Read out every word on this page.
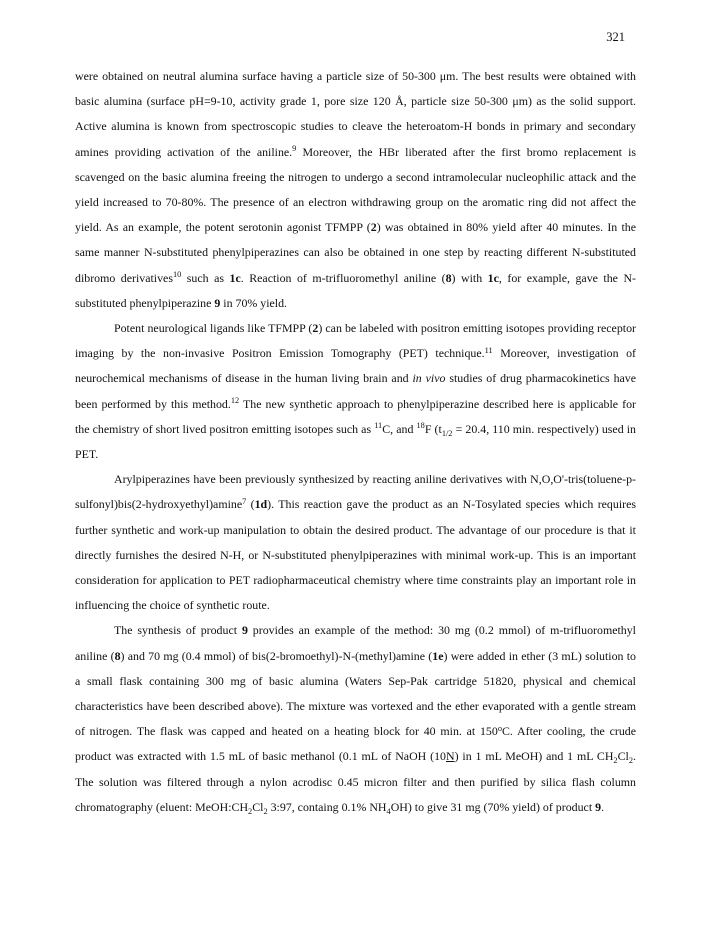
321

were obtained on neutral alumina surface having a particle size of 50-300 μm. The best results were obtained with basic alumina (surface pH=9-10, activity grade 1, pore size 120 Å, particle size 50-300 μm) as the solid support. Active alumina is known from spectroscopic studies to cleave the heteroatom-H bonds in primary and secondary amines providing activation of the aniline.$^9$ Moreover, the HBr liberated after the first bromo replacement is scavenged on the basic alumina freeing the nitrogen to undergo a second intramolecular nucleophilic attack and the yield increased to 70-80%. The presence of an electron withdrawing group on the aromatic ring did not affect the yield. As an example, the potent serotonin agonist TFMPP (2) was obtained in 80% yield after 40 minutes. In the same manner N-substituted phenylpiperazines can also be obtained in one step by reacting different N-substituted dibromo derivatives$^{10}$ such as 1c. Reaction of m-trifluoromethyl aniline (8) with 1c, for example, gave the N-substituted phenylpiperazine 9 in 70% yield.

Potent neurological ligands like TFMPP (2) can be labeled with positron emitting isotopes providing receptor imaging by the non-invasive Positron Emission Tomography (PET) technique.$^{11}$ Moreover, investigation of neurochemical mechanisms of disease in the human living brain and in vivo studies of drug pharmacokinetics have been performed by this method.$^{12}$ The new synthetic approach to phenylpiperazine described here is applicable for the chemistry of short lived positron emitting isotopes such as $^{11}$C, and $^{18}$F ($t_{1/2} = 20.4$, 110 min. respectively) used in PET.

Arylpiperazines have been previously synthesized by reacting aniline derivatives with N,O,O'-tris(toluene-p-sulfonyl)bis(2-hydroxyethyl)amine$^7$ (1d). This reaction gave the product as an N-Tosylated species which requires further synthetic and work-up manipulation to obtain the desired product. The advantage of our procedure is that it directly furnishes the desired N-H, or N-substituted phenylpiperazines with minimal work-up. This is an important consideration for application to PET radiopharmaceutical chemistry where time constraints play an important role in influencing the choice of synthetic route.

The synthesis of product 9 provides an example of the method: 30 mg (0.2 mmol) of m-trifluoromethyl aniline (8) and 70 mg (0.4 mmol) of bis(2-bromoethyl)-N-(methyl)amine (1e) were added in ether (3 mL) solution to a small flask containing 300 mg of basic alumina (Waters Sep-Pak cartridge 51820, physical and chemical characteristics have been described above). The mixture was vortexed and the ether evaporated with a gentle stream of nitrogen. The flask was capped and heated on a heating block for 40 min. at 150$^o$C. After cooling, the crude product was extracted with 1.5 mL of basic methanol (0.1 mL of NaOH (10N) in 1 mL MeOH) and 1 mL $CH_2Cl_2$. The solution was filtered through a nylon acrodisc 0.45 micron filter and then purified by silica flash column chromatography (eluent: $MeOH:CH_2Cl_2$ 3:97, containg 0.1% $NH_4OH$) to give 31 mg (70% yield) of product 9.
